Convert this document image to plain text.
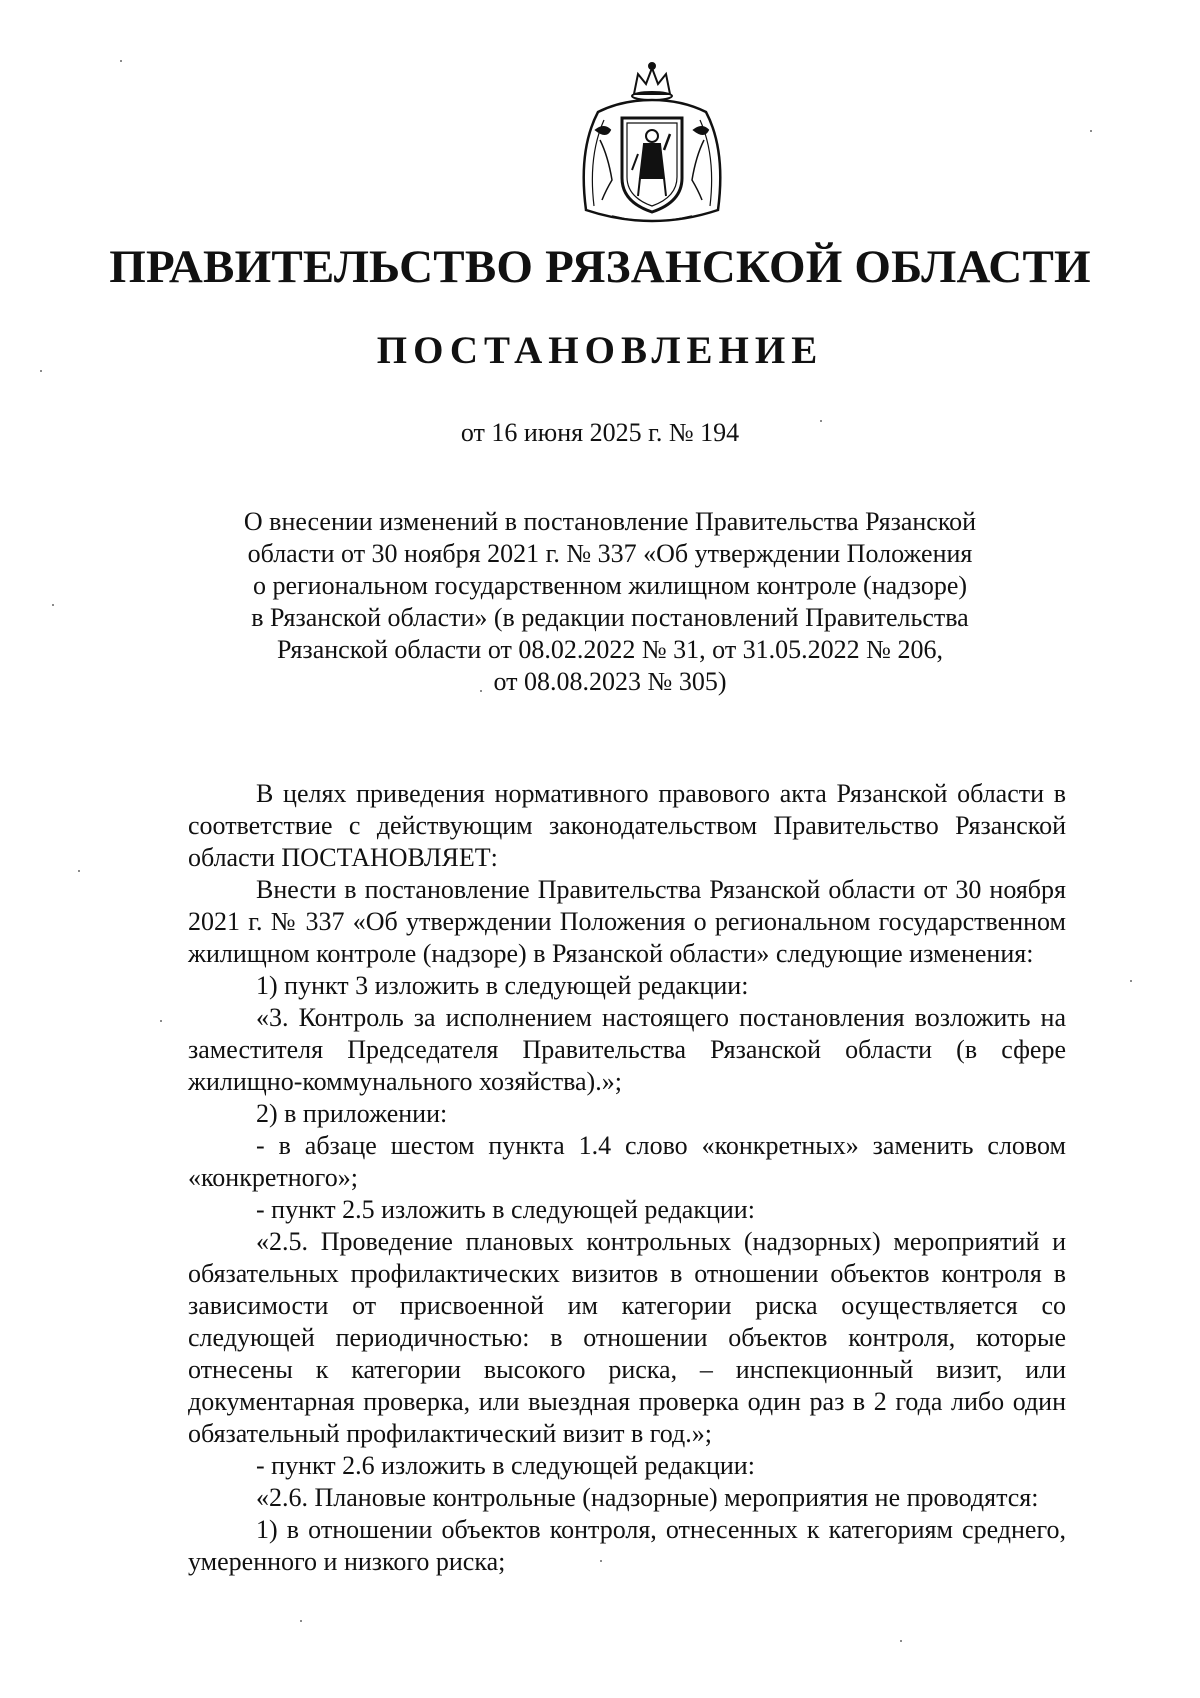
ПРАВИТЕЛЬСТВО РЯЗАНСКОЙ ОБЛАСТИ
ПОСТАНОВЛЕНИЕ
от 16 июня 2025 г. № 194
О внесении изменений в постановление Правительства Рязанской
области от 30 ноября 2021 г. № 337 «Об утверждении Положения
о региональном государственном жилищном контроле (надзоре)
в Рязанской области» (в редакции постановлений Правительства
Рязанской области от 08.02.2022 № 31, от 31.05.2022 № 206,
от 08.08.2023 № 305)

В целях приведения нормативного правового акта Рязанской области в соответствие с действующим законодательством Правительство Рязанской области ПОСТАНОВЛЯЕТ:

Внести в постановление Правительства Рязанской области от 30 ноября 2021 г. № 337 «Об утверждении Положения о региональном государственном жилищном контроле (надзоре) в Рязанской области» следующие изменения:

1) пункт 3 изложить в следующей редакции:

«3. Контроль за исполнением настоящего постановления возложить на заместителя Председателя Правительства Рязанской области (в сфере жилищно-коммунального хозяйства).»;

2) в приложении:

- в абзаце шестом пункта 1.4 слово «конкретных» заменить словом «конкретного»;

- пункт 2.5 изложить в следующей редакции:

«2.5. Проведение плановых контрольных (надзорных) мероприятий и обязательных профилактических визитов в отношении объектов контроля в зависимости от присвоенной им категории риска осуществляется со следующей периодичностью: в отношении объектов контроля, которые отнесены к категории высокого риска, – инспекционный визит, или документарная проверка, или выездная проверка один раз в 2 года либо один обязательный профилактический визит в год.»;

- пункт 2.6 изложить в следующей редакции:

«2.6. Плановые контрольные (надзорные) мероприятия не проводятся:

1) в отношении объектов контроля, отнесенных к категориям среднего, умеренного и низкого риска;
